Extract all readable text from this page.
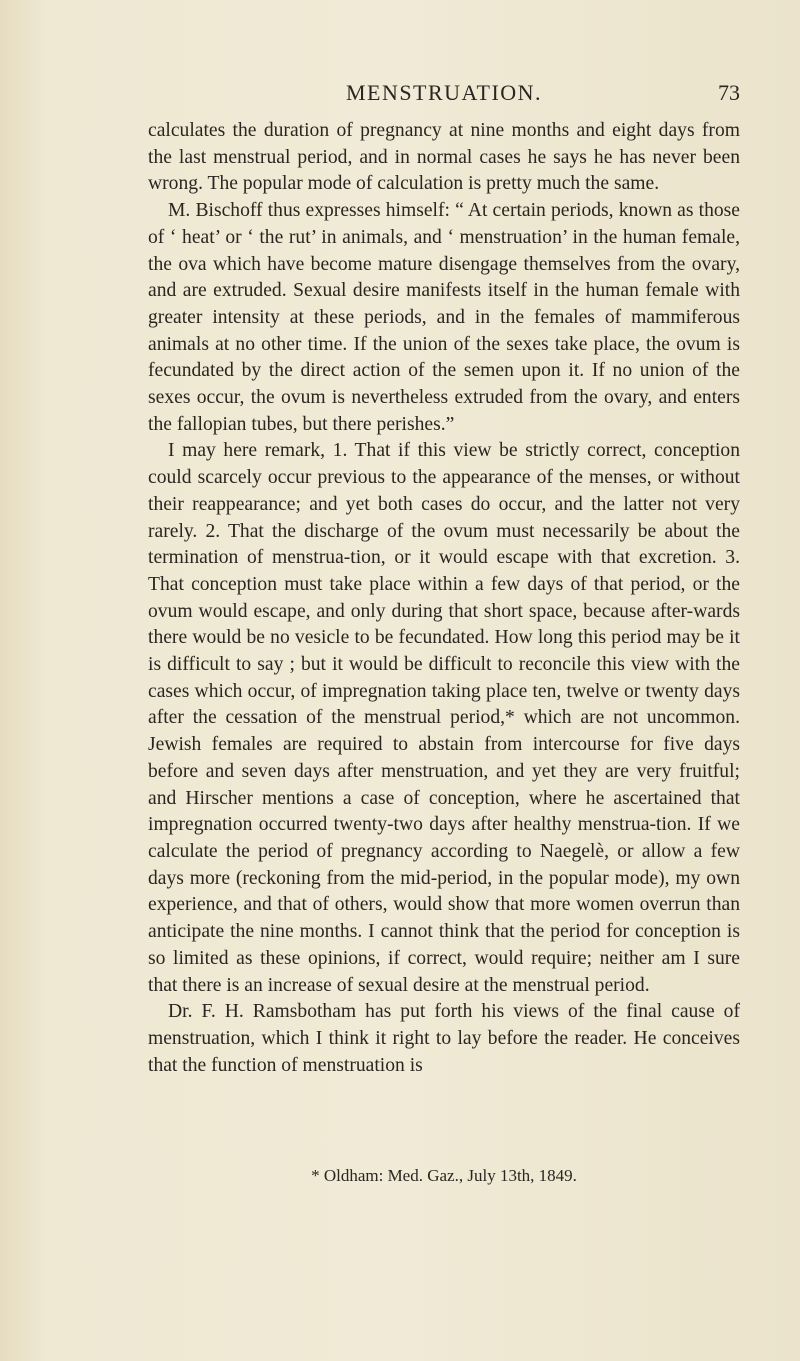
MENSTRUATION.	73

calculates the duration of pregnancy at nine months and eight days from the last menstrual period, and in normal cases he says he has never been wrong. The popular mode of calculation is pretty much the same.

M. Bischoff thus expresses himself: “ At certain periods, known as those of ‘ heat’ or ‘ the rut’ in animals, and ‘ menstruation’ in the human female, the ova which have become mature disengage themselves from the ovary, and are extruded. Sexual desire manifests itself in the human female with greater intensity at these periods, and in the females of mammiferous animals at no other time. If the union of the sexes take place, the ovum is fecundated by the direct action of the semen upon it. If no union of the sexes occur, the ovum is nevertheless extruded from the ovary, and enters the fallopian tubes, but there perishes.”

I may here remark, 1. That if this view be strictly correct, conception could scarcely occur previous to the appearance of the menses, or without their reappearance; and yet both cases do occur, and the latter not very rarely. 2. That the discharge of the ovum must necessarily be about the termination of menstrua-tion, or it would escape with that excretion. 3. That conception must take place within a few days of that period, or the ovum would escape, and only during that short space, because after-wards there would be no vesicle to be fecundated. How long this period may be it is difficult to say ; but it would be difficult to reconcile this view with the cases which occur, of impregnation taking place ten, twelve or twenty days after the cessation of the menstrual period,* which are not uncommon. Jewish females are required to abstain from intercourse for five days before and seven days after menstruation, and yet they are very fruitful; and Hirscher mentions a case of conception, where he ascertained that impregnation occurred twenty-two days after healthy menstrua-tion. If we calculate the period of pregnancy according to Naegelè, or allow a few days more (reckoning from the mid-period, in the popular mode), my own experience, and that of others, would show that more women overrun than anticipate the nine months. I cannot think that the period for conception is so limited as these opinions, if correct, would require; neither am I sure that there is an increase of sexual desire at the menstrual period.

Dr. F. H. Ramsbotham has put forth his views of the final cause of menstruation, which I think it right to lay before the reader. He conceives that the function of menstruation is

* Oldham: Med. Gaz., July 13th, 1849.
